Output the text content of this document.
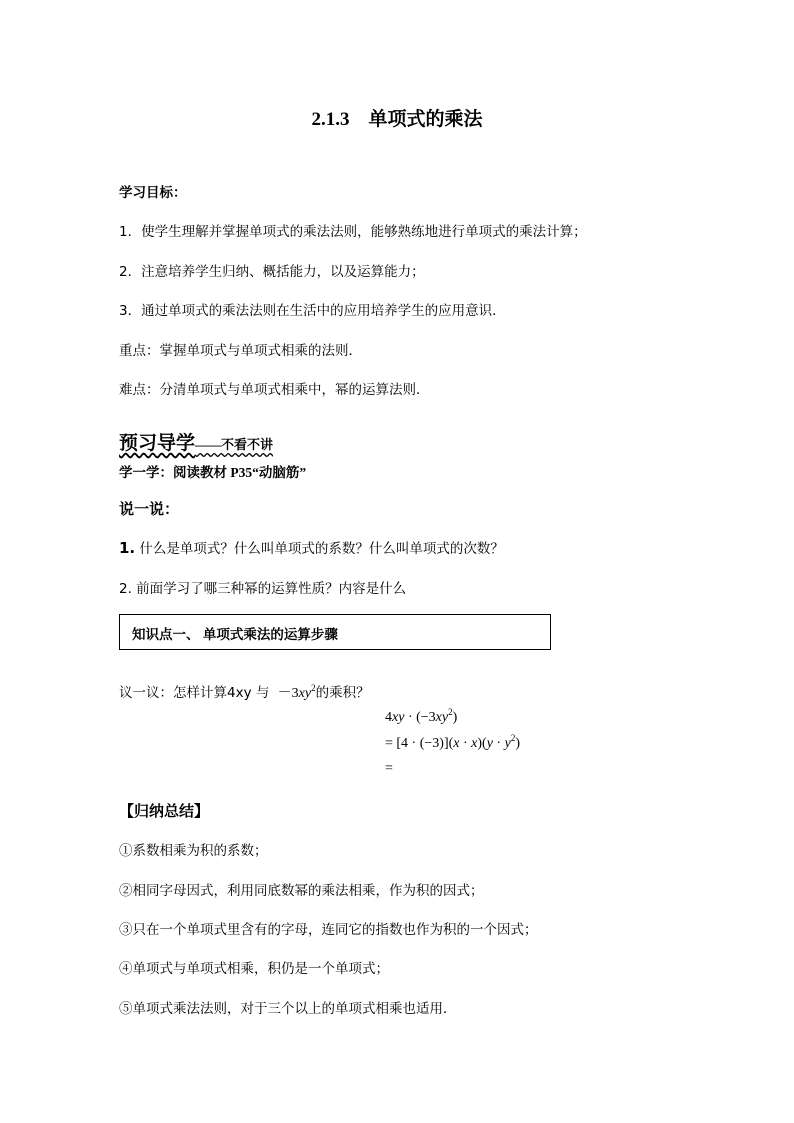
2.1.3　单项式的乘法
学习目标：
1．使学生理解并掌握单项式的乘法法则，能够熟练地进行单项式的乘法计算；
2．注意培养学生归纳、概括能力，以及运算能力；
3．通过单项式的乘法法则在生活中的应用培养学生的应用意识．
重点：掌握单项式与单项式相乘的法则．
难点：分清单项式与单项式相乘中，幂的运算法则．
预习导学——不看不讲
学一学：阅读教材 P35“动脑筋”
说一说：
1. 什么是单项式？什么叫单项式的系数？什么叫单项式的次数？
2. 前面学习了哪三种幂的运算性质？内容是什么
知识点一、 单项式乘法的运算步骤
议一议：怎样计算4xy 与 $-3xy^2$的乘积？
$4xy \cdot (-3xy^2)$
= $[4 \cdot (-3)](x \cdot x)(y \cdot y^2)$
=
【归纳总结】
①系数相乘为积的系数；
②相同字母因式，利用同底数幂的乘法相乘，作为积的因式；
③只在一个单项式里含有的字母，连同它的指数也作为积的一个因式；
④单项式与单项式相乘，积仍是一个单项式；
⑤单项式乘法法则，对于三个以上的单项式相乘也适用．
